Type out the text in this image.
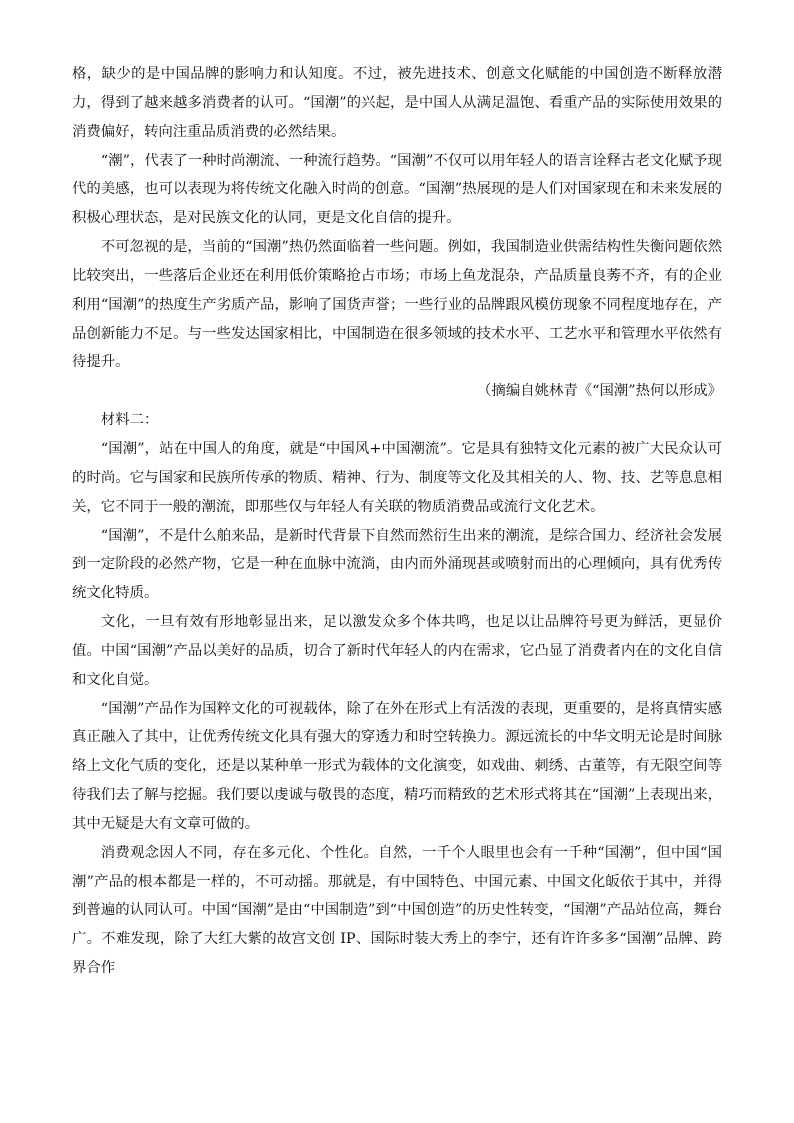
格，缺少的是中国品牌的影响力和认知度。不过，被先进技术、创意文化赋能的中国创造不断释放潜力，得到了越来越多消费者的认可。“国潮”的兴起，是中国人从满足温饱、看重产品的实际使用效果的消费偏好，转向注重品质消费的必然结果。

“潮”，代表了一种时尚潮流、一种流行趋势。“国潮”不仅可以用年轻人的语言诠释古老文化赋予现代的美感，也可以表现为将传统文化融入时尚的创意。“国潮”热展现的是人们对国家现在和未来发展的积极心理状态，是对民族文化的认同，更是文化自信的提升。

不可忽视的是，当前的“国潮”热仍然面临着一些问题。例如，我国制造业供需结构性失衡问题依然比较突出，一些落后企业还在利用低价策略抢占市场；市场上鱼龙混杂，产品质量良莠不齐，有的企业利用“国潮”的热度生产劣质产品，影响了国货声誉；一些行业的品牌跟风模仿现象不同程度地存在，产品创新能力不足。与一些发达国家相比，中国制造在很多领域的技术水平、工艺水平和管理水平依然有待提升。

（摘编自姚林青《“国潮”热何以形成》

材料二：

“国潮”，站在中国人的角度，就是“中国风+中国潮流”。它是具有独特文化元素的被广大民众认可的时尚。它与国家和民族所传承的物质、精神、行为、制度等文化及其相关的人、物、技、艺等息息相关，它不同于一般的潮流，即那些仅与年轻人有关联的物质消费品或流行文化艺术。

“国潮”，不是什么舶来品，是新时代背景下自然而然衍生出来的潮流，是综合国力、经济社会发展到一定阶段的必然产物，它是一种在血脉中流淌，由内而外涌现甚或喷射而出的心理倾向，具有优秀传统文化特质。

文化，一旦有效有形地彰显出来，足以激发众多个体共鸣，也足以让品牌符号更为鲜活，更显价值。中国“国潮”产品以美好的品质，切合了新时代年轻人的内在需求，它凸显了消费者内在的文化自信和文化自觉。

“国潮”产品作为国粹文化的可视载体，除了在外在形式上有活泼的表现，更重要的，是将真情实感真正融入了其中，让优秀传统文化具有强大的穿透力和时空转换力。源远流长的中华文明无论是时间脉络上文化气质的变化，还是以某种单一形式为载体的文化演变，如戏曲、刺绣、古董等，有无限空间等待我们去了解与挖掘。我们要以虔诚与敬畏的态度，精巧而精致的艺术形式将其在“国潮”上表现出来，其中无疑是大有文章可做的。

消费观念因人不同，存在多元化、个性化。自然，一千个人眼里也会有一千种“国潮”，但中国“国潮”产品的根本都是一样的，不可动摇。那就是，有中国特色、中国元素、中国文化皈依于其中，并得到普遍的认同认可。中国“国潮”是由“中国制造”到“中国创造”的历史性转变，“国潮”产品站位高，舞台广。不难发现，除了大红大紫的故宫文创 IP、国际时装大秀上的李宁，还有许许多多“国潮”品牌、跨界合作
